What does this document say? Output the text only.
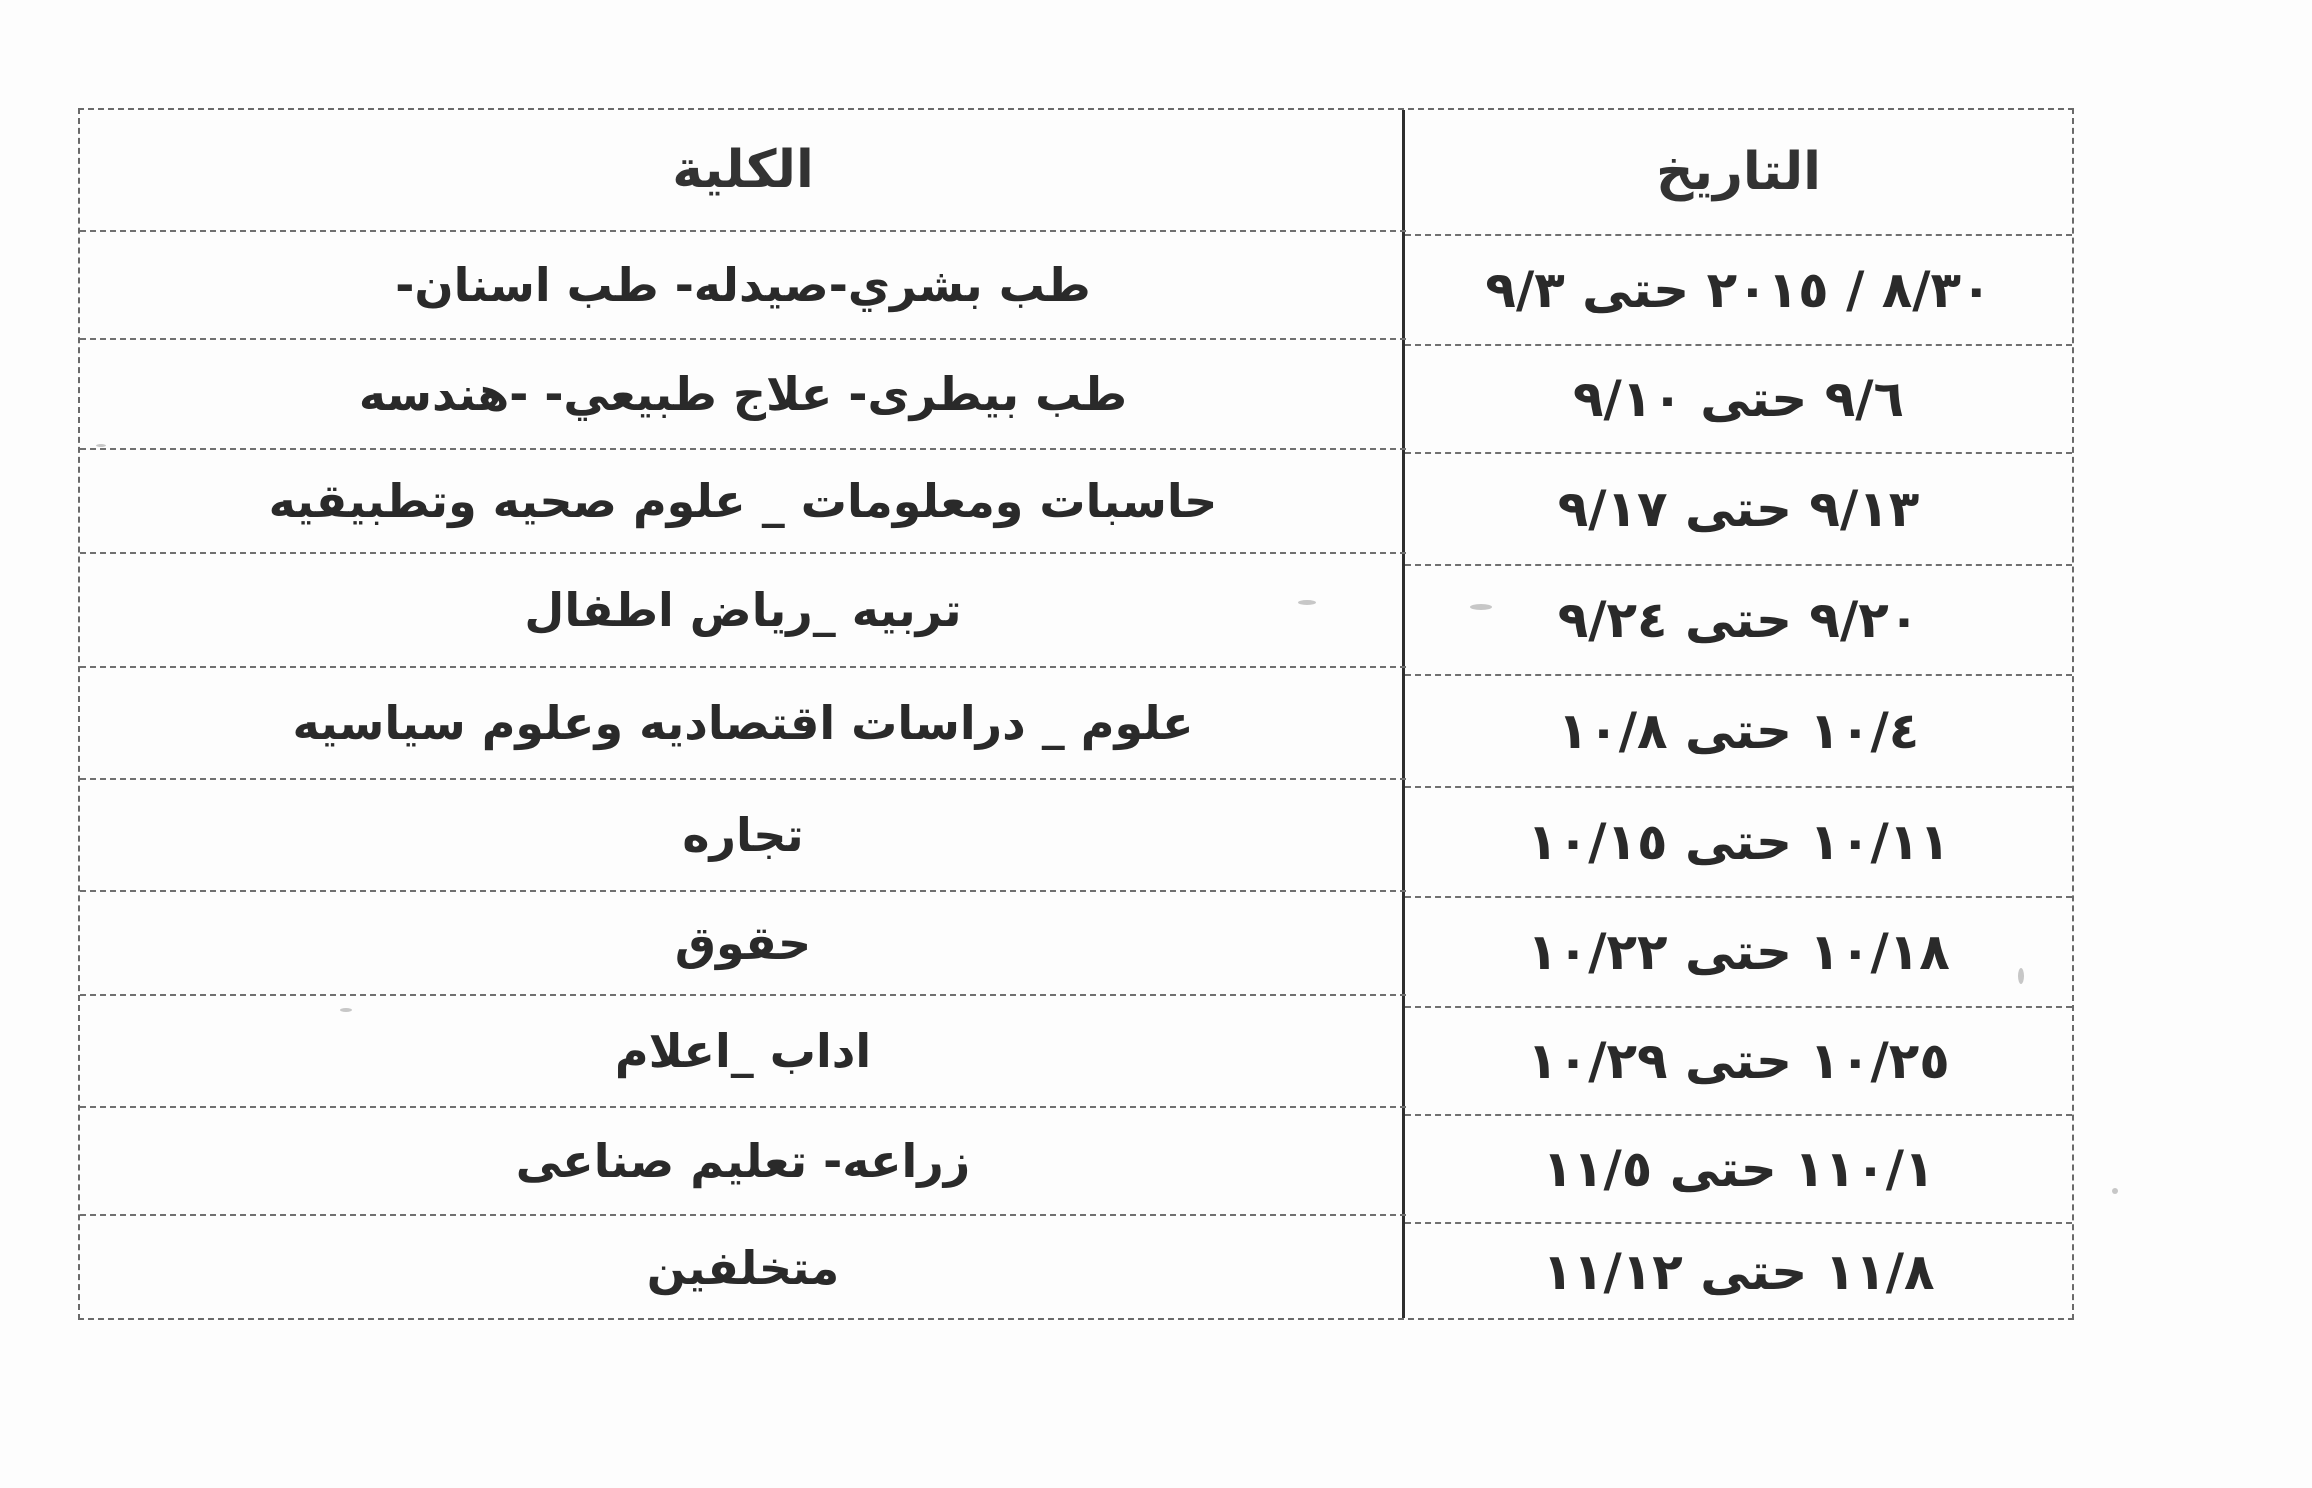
التاريخ
٨/٣٠ / ٢٠١٥ حتى ٩/٣
٩/٦ حتى ٩/١٠
٩/١٣ حتى ٩/١٧
٩/٢٠ حتى ٩/٢٤
١٠/٤ حتى ١٠/٨
١٠/١١ حتى ١٠/١٥
١٠/١٨ حتى ١٠/٢٢
١٠/٢٥ حتى ١٠/٢٩
١١٠/١ حتى ١١/٥
١١/٨ حتى ١١/١٢
الكلية
طب بشري-صيدله- طب اسنان-
طب بيطرى- علاج طبيعي- -هندسه
حاسبات ومعلومات _ علوم صحيه وتطبيقيه
تربيه _رياض اطفال
علوم _ دراسات اقتصاديه وعلوم سياسيه
تجاره
حقوق
اداب _اعلام
زراعه- تعليم صناعى
متخلفين
